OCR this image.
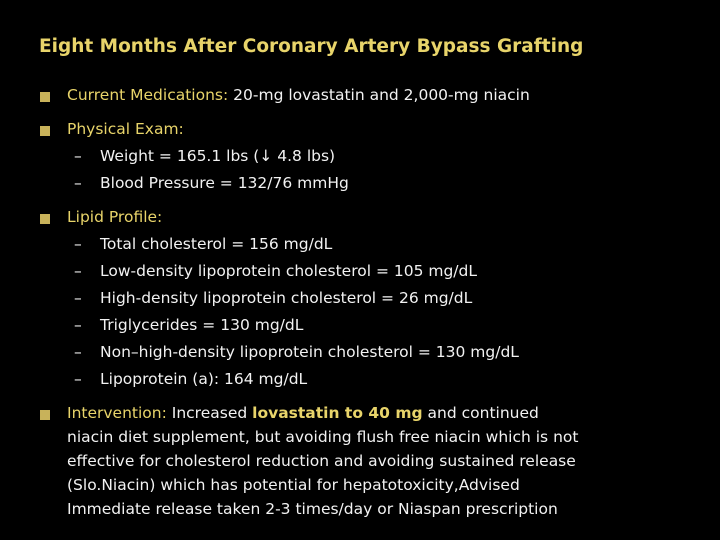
Eight Months After Coronary Artery Bypass Grafting
Current Medications: 20-mg lovastatin and 2,000-mg niacin
Physical Exam:
– Weight = 165.1 lbs (↓ 4.8 lbs)
– Blood Pressure = 132/76 mmHg
Lipid Profile:
– Total cholesterol = 156 mg/dL
– Low-density lipoprotein cholesterol = 105 mg/dL
– High-density lipoprotein cholesterol = 26 mg/dL
– Triglycerides = 130 mg/dL
– Non–high-density lipoprotein cholesterol = 130 mg/dL
– Lipoprotein (a): 164 mg/dL
Intervention: Increased lovastatin to 40 mg and continued
niacin diet supplement, but avoiding flush free niacin which is not
effective for cholesterol reduction and avoiding sustained release
(Slo.Niacin) which has potential for hepatotoxicity,Advised
Immediate release taken 2-3 times/day or Niaspan prescription
